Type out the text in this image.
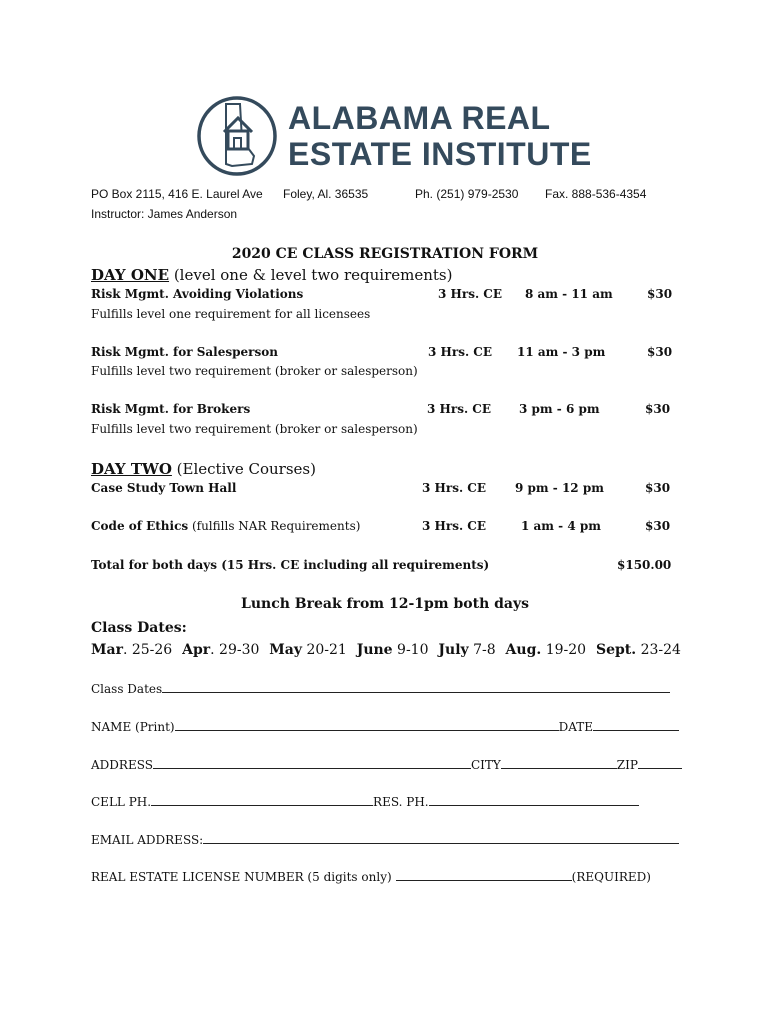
ALABAMA REAL
ESTATE INSTITUTE
PO Box 2115, 416 E. Laurel Ave Foley, Al. 36535	Ph. (251) 979-2530 Fax. 888-536-4354
Instructor: James Anderson
2020 CE CLASS REGISTRATION FORM
DAY ONE (level one & level two requirements)
Risk Mgmt. Avoiding Violations	3 Hrs. CE 8 am - 11 am	$30
Fulfills level one requirement for all licensees
Risk Mgmt. for Salesperson	3 Hrs. CE 11 am - 3 pm	$30
Fulfills level two requirement (broker or salesperson)
Risk Mgmt. for Brokers	3 Hrs. CE 3 pm - 6 pm	$30
Fulfills level two requirement (broker or salesperson)
DAY TWO (Elective Courses)
Case Study Town Hall	3 Hrs. CE 9 pm - 12 pm	$30
Code of Ethics (fulfills NAR Requirements)	3 Hrs. CE	1 am - 4 pm	$30
Total for both days (15 Hrs. CE including all requirements)	$150.00
Lunch Break from 12-1pm both days
Class Dates:
Mar. 25-26 Apr. 29-30 May 20-21 June 9-10 July 7-8 Aug. 19-20 Sept. 23-24
Class Dates
NAME (Print)	DATE
ADDRESS	CITY	ZIP
CELL PH.	RES. PH.
EMAIL ADDRESS:
REAL ESTATE LICENSE NUMBER (5 digits only)	(REQUIRED)
